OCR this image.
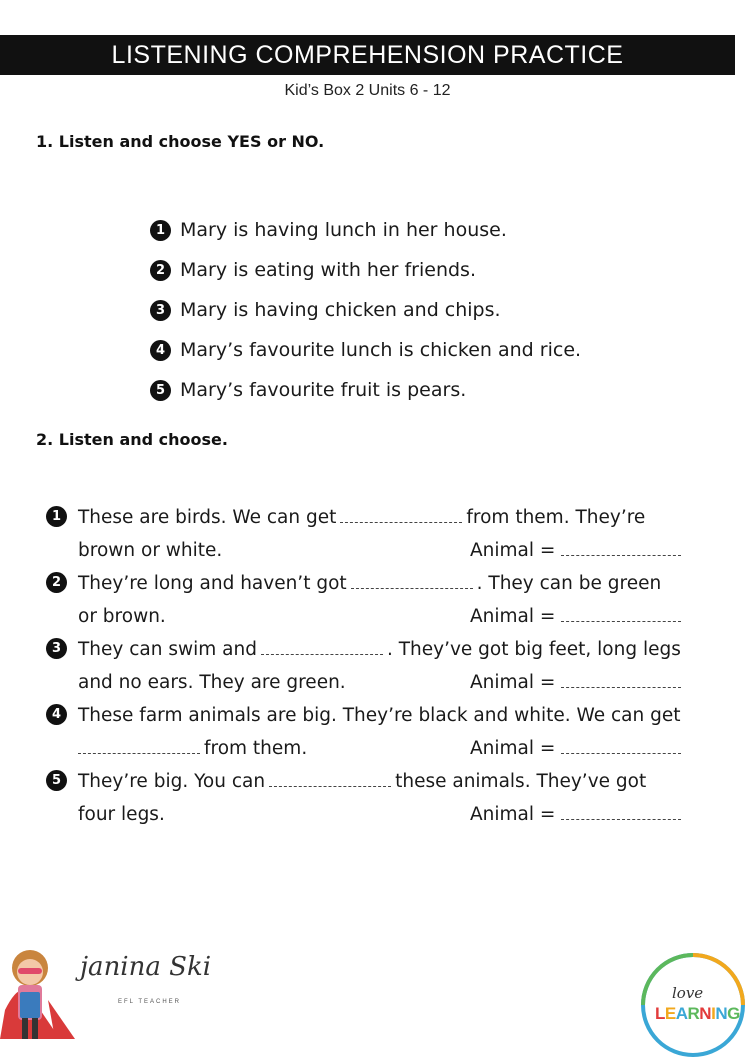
LISTENING COMPREHENSION PRACTICE
Kid’s Box 2 Units 6 - 12
1. Listen and choose YES or NO.
1 Mary is having lunch in her house.
2 Mary is eating with her friends.
3 Mary is having chicken and chips.
4 Mary’s favourite lunch is chicken and rice.
5 Mary’s favourite fruit is pears.
2. Listen and choose.
1 These are birds. We can get	from them. They’re
brown or white.	Animal =
2 They’re long and haven’t got	. They can be green
or brown.	Animal =
3 They can swim and	. They’ve got big feet, long legs
and no ears. They are green.	Animal =
4 These farm animals are big. They’re black and white. We can get
from them.	Animal =
5 They’re big. You can	these animals. They’ve got
four legs.	Animal =
janina Ski
EFL TEACHER	love
LEARNING
